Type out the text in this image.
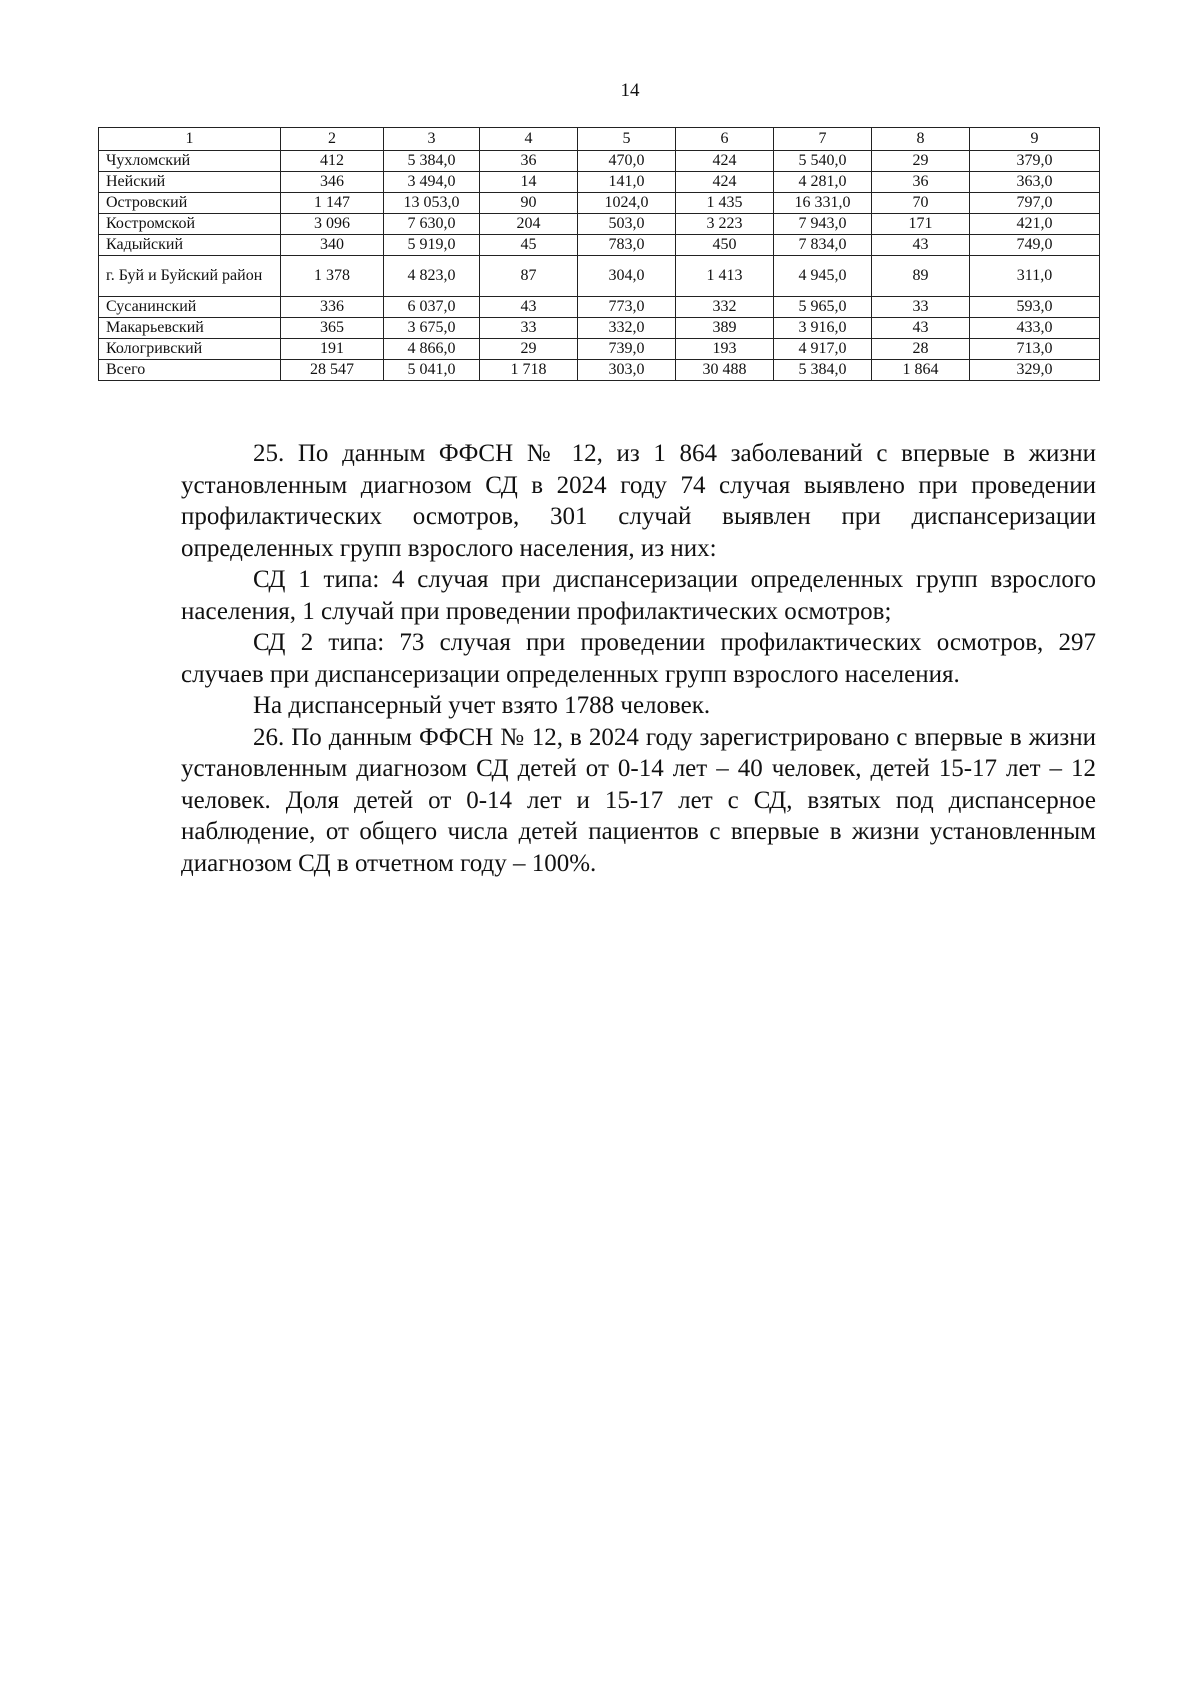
14
1	2	3	4	5	6	7	8	9
Чухломский	412	5 384,0	36	470,0	424	5 540,0	29	379,0
Нейский	346	3 494,0	14	141,0	424	4 281,0	36	363,0
Островский	1 147	13 053,0	90	1024,0	1 435	16 331,0	70	797,0
Костромской	3 096	7 630,0	204	503,0	3 223	7 943,0	171	421,0
Кадыйский	340	5 919,0	45	783,0	450	7 834,0	43	749,0
г. Буй и Буйский район	1 378	4 823,0	87	304,0	1 413	4 945,0	89	311,0
Сусанинский	336	6 037,0	43	773,0	332	5 965,0	33	593,0
Макарьевский	365	3 675,0	33	332,0	389	3 916,0	43	433,0
Кологривский	191	4 866,0	29	739,0	193	4 917,0	28	713,0
Всего	28 547	5 041,0	1 718	303,0	30 488	5 384,0	1 864	329,0

25. По данным ФФСН № 12, из 1 864 заболеваний с впервые в жизни установленным диагнозом СД в 2024 году 74 случая выявлено при проведении профилактических осмотров, 301 случай выявлен при диспансеризации определенных групп взрослого населения, из них:

СД 1 типа: 4 случая при диспансеризации определенных групп взрослого населения, 1 случай при проведении профилактических осмотров;

СД 2 типа: 73 случая при проведении профилактических осмотров, 297 случаев при диспансеризации определенных групп взрослого населения.

На диспансерный учет взято 1788 человек.

26. По данным ФФСН № 12, в 2024 году зарегистрировано с впервые в жизни установленным диагнозом СД детей от 0-14 лет – 40 человек, детей 15-17 лет – 12 человек. Доля детей от 0-14 лет и 15-17 лет с СД, взятых под диспансерное наблюдение, от общего числа детей пациентов с впервые в жизни установленным диагнозом СД в отчетном году – 100%.
